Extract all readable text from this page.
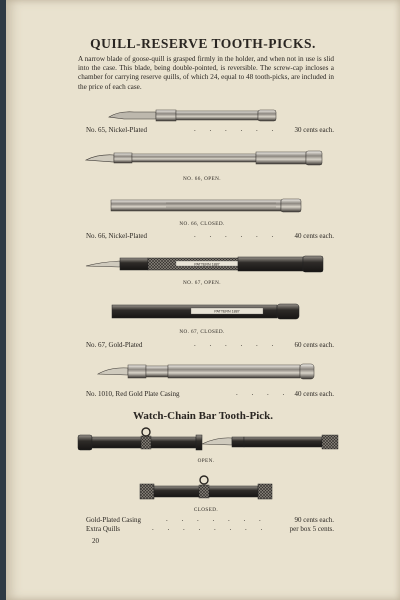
QUILL-RESERVE TOOTH-PICKS.
A narrow blade of goose-quill is grasped firmly in the holder, and when not in use is slid into the case. This blade, being double-pointed, is reversible. The screw-cap incloses a chamber for carrying reserve quills, of which 24, equal to 48 tooth-picks, are included in the price of each case.
NO. 66, OPEN.
NO. 66, CLOSED.
PATTERN 1887
NO. 67, OPEN.
PATTERN 1887
NO. 67, CLOSED.
OPEN.
CLOSED.
No. 65, Nickel-Plated	. . . . . . 30 cents each.
No. 66, Nickel-Plated	. . . . . . 40 cents each.
No. 67, Gold-Plated	. . . . . . 60 cents each.
No. 1010, Red Gold Plate Casing	. . . . 40 cents each.
Watch-Chain Bar Tooth-Pick.
Gold-Plated Casing	. . . . . . .	90 cents each.
Extra Quills	. . . . . . . .	per box 5 cents.
20
